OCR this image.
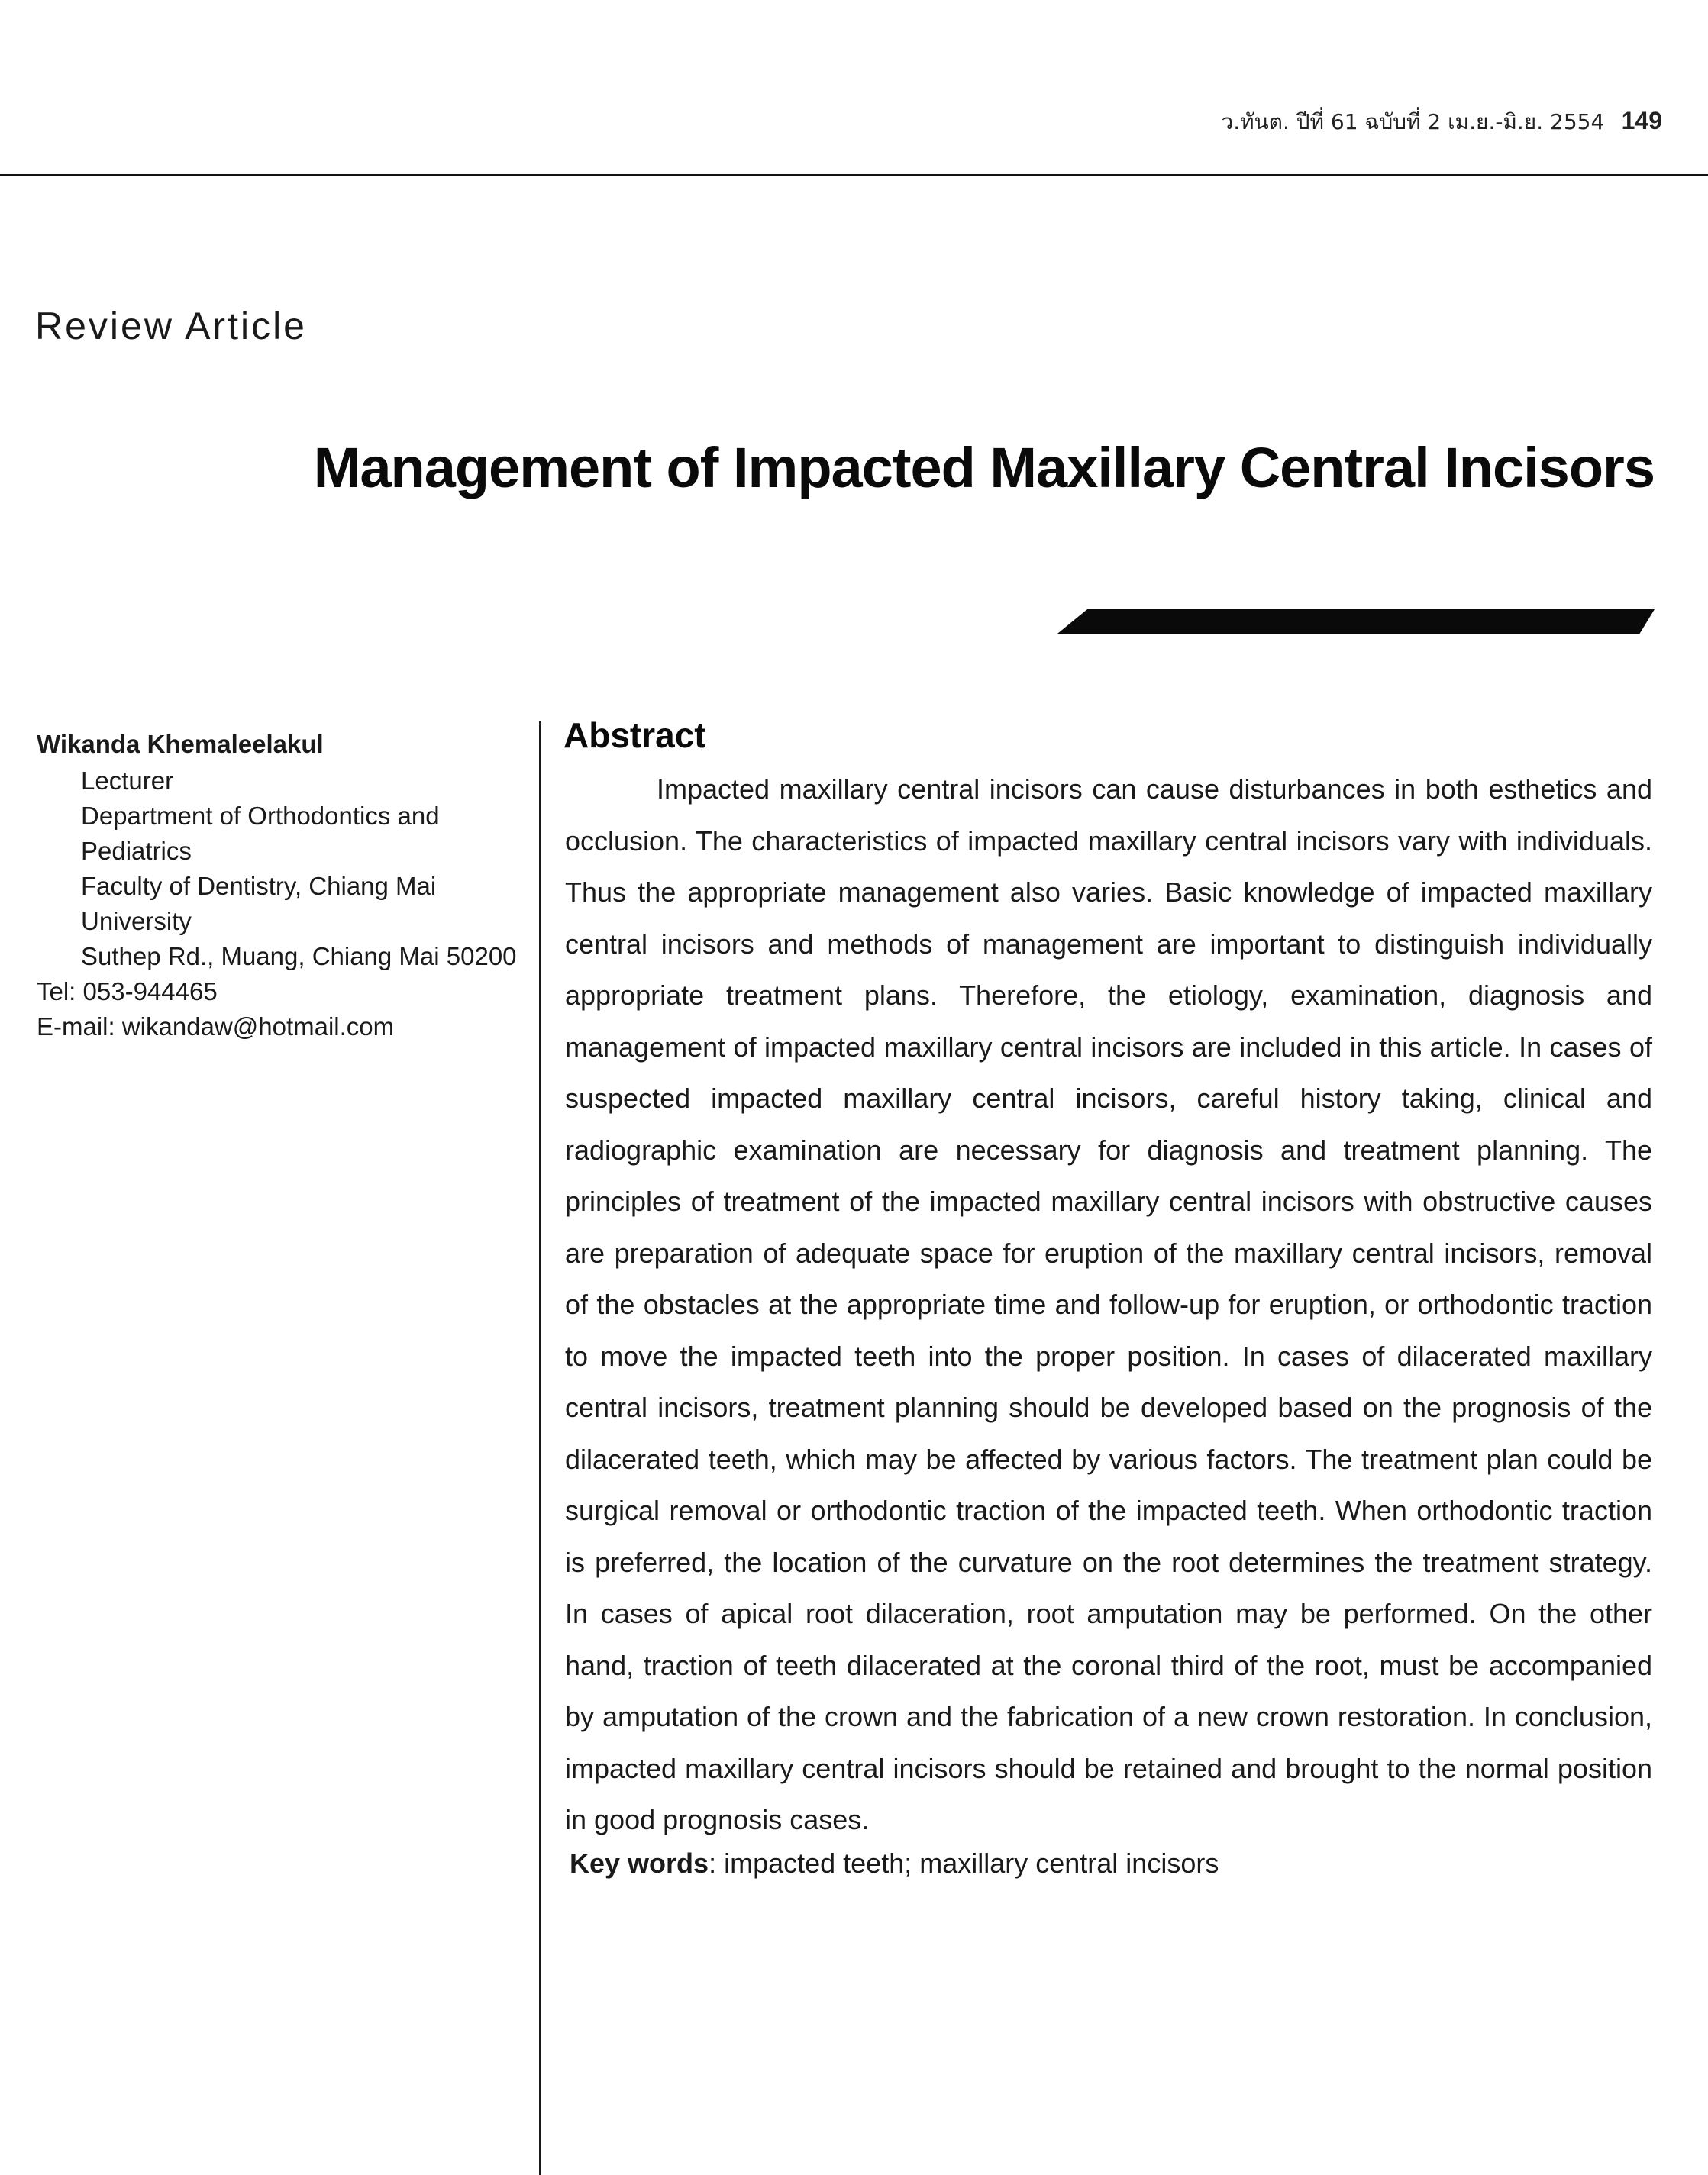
ว.ทันต. ปีที่ 61 ฉบับที่ 2 เม.ย.-มิ.ย. 2554 149
Review Article
Management of Impacted Maxillary Central Incisors
Wikanda Khemaleelakul
Lecturer
Department of Orthodontics and
Pediatrics
Faculty of Dentistry, Chiang Mai University
Suthep Rd., Muang, Chiang Mai 50200
Tel: 053-944465
E-mail: wikandaw@hotmail.com
Abstract

Impacted maxillary central incisors can cause disturbances in both esthetics and occlusion. The characteristics of impacted maxillary central incisors vary with individuals. Thus the appropriate management also varies. Basic knowledge of impacted maxillary central incisors and methods of management are important to distinguish individually appropriate treatment plans. Therefore, the etiology, examination, diagnosis and management of impacted maxillary central incisors are included in this article. In cases of suspected impacted maxillary central incisors, careful history taking, clinical and radiographic examination are necessary for diagnosis and treatment planning. The principles of treatment of the impacted maxillary central incisors with obstructive causes are preparation of adequate space for eruption of the maxillary central incisors, removal of the obstacles at the appropriate time and follow-up for eruption, or orthodontic traction to move the impacted teeth into the proper position. In cases of dilacerated maxillary central incisors, treatment planning should be developed based on the prognosis of the dilacerated teeth, which may be affected by various factors. The treatment plan could be surgical removal or orthodontic traction of the impacted teeth. When orthodontic traction is preferred, the location of the curvature on the root determines the treatment strategy. In cases of apical root dilaceration, root amputation may be performed. On the other hand, traction of teeth dilacerated at the coronal third of the root, must be accompanied by amputation of the crown and the fabrication of a new crown restoration. In conclusion, impacted maxillary central incisors should be retained and brought to the normal position in good prognosis cases.

Key words: impacted teeth; maxillary central incisors
